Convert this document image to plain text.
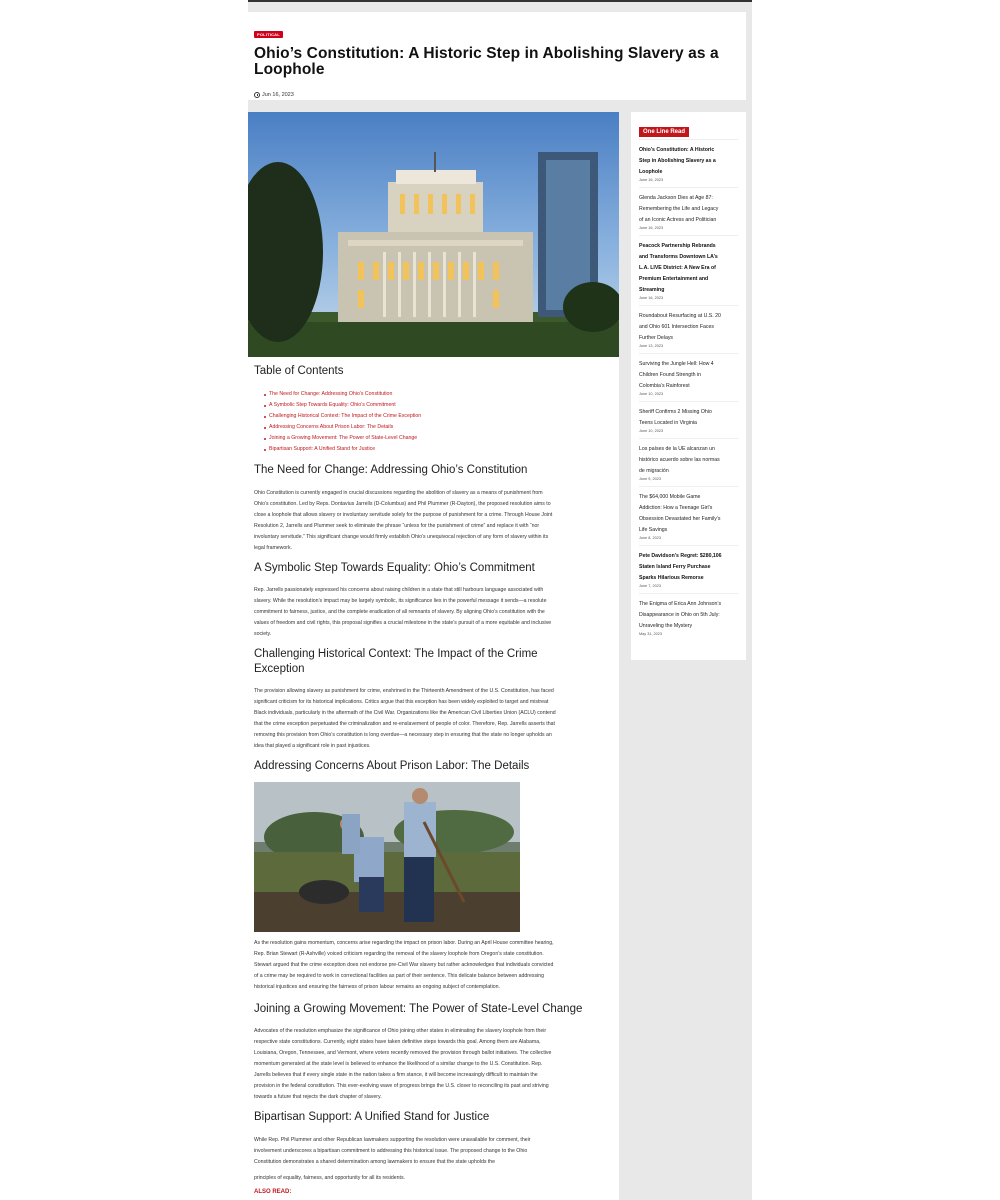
POLITICAL
Ohio’s Constitution: A Historic Step in Abolishing Slavery as a Loophole
Jun 16, 2023
Table of Contents
The Need for Change: Addressing Ohio’s Constitution
A Symbolic Step Towards Equality: Ohio’s Commitment
Challenging Historical Context: The Impact of the Crime Exception
Addressing Concerns About Prison Labor: The Details
Joining a Growing Movement: The Power of State-Level Change
Bipartisan Support: A Unified Stand for Justice
The Need for Change: Addressing Ohio’s Constitution

Ohio Constitution is currently engaged in crucial discussions regarding the abolition of slavery as a means of punishment from

Ohio’s constitution. Led by Reps. Dontavius Jarrells (D-Columbus) and Phil Plummer (R-Dayton), the proposed resolution aims to

close a loophole that allows slavery or involuntary servitude solely for the purpose of punishment for a crime. Through House Joint

Resolution 2, Jarrells and Plummer seek to eliminate the phrase “unless for the punishment of crime” and replace it with “nor

involuntary servitude.” This significant change would firmly establish Ohio’s unequivocal rejection of any form of slavery within its

legal framework.

A Symbolic Step Towards Equality: Ohio’s Commitment

Rep. Jarrells passionately expressed his concerns about raising children in a state that still harbours language associated with

slavery. While the resolution’s impact may be largely symbolic, its significance lies in the powerful message it sends—a resolute

commitment to fairness, justice, and the complete eradication of all remnants of slavery. By aligning Ohio’s constitution with the

values of freedom and civil rights, this proposal signifies a crucial milestone in the state’s pursuit of a more equitable and inclusive

society.

Challenging Historical Context: The Impact of the Crime
Exception

The provision allowing slavery as punishment for crime, enshrined in the Thirteenth Amendment of the U.S. Constitution, has faced

significant criticism for its historical implications. Critics argue that this exception has been widely exploited to target and mistreat

Black individuals, particularly in the aftermath of the Civil War. Organizations like the American Civil Liberties Union (ACLU) contend

that the crime exception perpetuated the criminalization and re-enslavement of people of color. Therefore, Rep. Jarrells asserts that

removing this provision from Ohio’s constitution is long overdue—a necessary step in ensuring that the state no longer upholds an

idea that played a significant role in past injustices.

Addressing Concerns About Prison Labor: The Details

As the resolution gains momentum, concerns arise regarding the impact on prison labor. During an April House committee hearing,

Rep. Brian Stewart (R-Ashville) voiced criticism regarding the removal of the slavery loophole from Oregon’s state constitution.

Stewart argued that the crime exception does not endorse pre-Civil War slavery but rather acknowledges that individuals convicted

of a crime may be required to work in correctional facilities as part of their sentence. This delicate balance between addressing

historical injustices and ensuring the fairness of prison labour remains an ongoing subject of contemplation.

Joining a Growing Movement: The Power of State-Level Change

Advocates of the resolution emphasize the significance of Ohio joining other states in eliminating the slavery loophole from their

respective state constitutions. Currently, eight states have taken definitive steps towards this goal. Among them are Alabama,

Louisiana, Oregon, Tennessee, and Vermont, where voters recently removed the provision through ballot initiatives. The collective

momentum generated at the state level is believed to enhance the likelihood of a similar change to the U.S. Constitution. Rep.

Jarrells believes that if every single state in the nation takes a firm stance, it will become increasingly difficult to maintain the

provision in the federal constitution. This ever-evolving wave of progress brings the U.S. closer to reconciling its past and striving

towards a future that rejects the dark chapter of slavery.

Bipartisan Support: A Unified Stand for Justice

While Rep. Phil Plummer and other Republican lawmakers supporting the resolution were unavailable for comment, their

involvement underscores a bipartisan commitment to addressing this historical issue. The proposed change to the Ohio

Constitution demonstrates a shared determination among lawmakers to ensure that the state upholds the

principles of equality, fairness, and opportunity for all its residents.

ALSO READ:
One Line Read
Ohio’s Constitution: A Historic
Step in Abolishing Slavery as a
Loophole
June 16, 2023
Glenda Jackson Dies at Age 87:
Remembering the Life and Legacy
of an Iconic Actress and Politician
June 16, 2023
Peacock Partnership Rebrands
and Transforms Downtown LA’s
L.A. LIVE District: A New Era of
Premium Entertainment and
Streaming
June 16, 2023
Roundabout Resurfacing at U.S. 20
and Ohio 601 Intersection Faces
Further Delays
June 13, 2023
Surviving the Jungle Hell: How 4
Children Found Strength in
Colombia’s Rainforest
June 10, 2023
Sheriff Confirms 2 Missing Ohio
Teens Located in Virginia
June 10, 2023
Los países de la UE alcanzan un
histórico acuerdo sobre las normas
de migración
June 9, 2023
The $64,000 Mobile Game
Addiction: How a Teenage Girl’s
Obsession Devastated her Family’s
Life Savings
June 8, 2023
Pete Davidson’s Regret: $280,106
Staten Island Ferry Purchase
Sparks Hilarious Remorse
June 7, 2023
The Enigma of Erica Ann Johnson’s
Disappearance in Ohio on 5th July:
Unraveling the Mystery
May 31, 2023
